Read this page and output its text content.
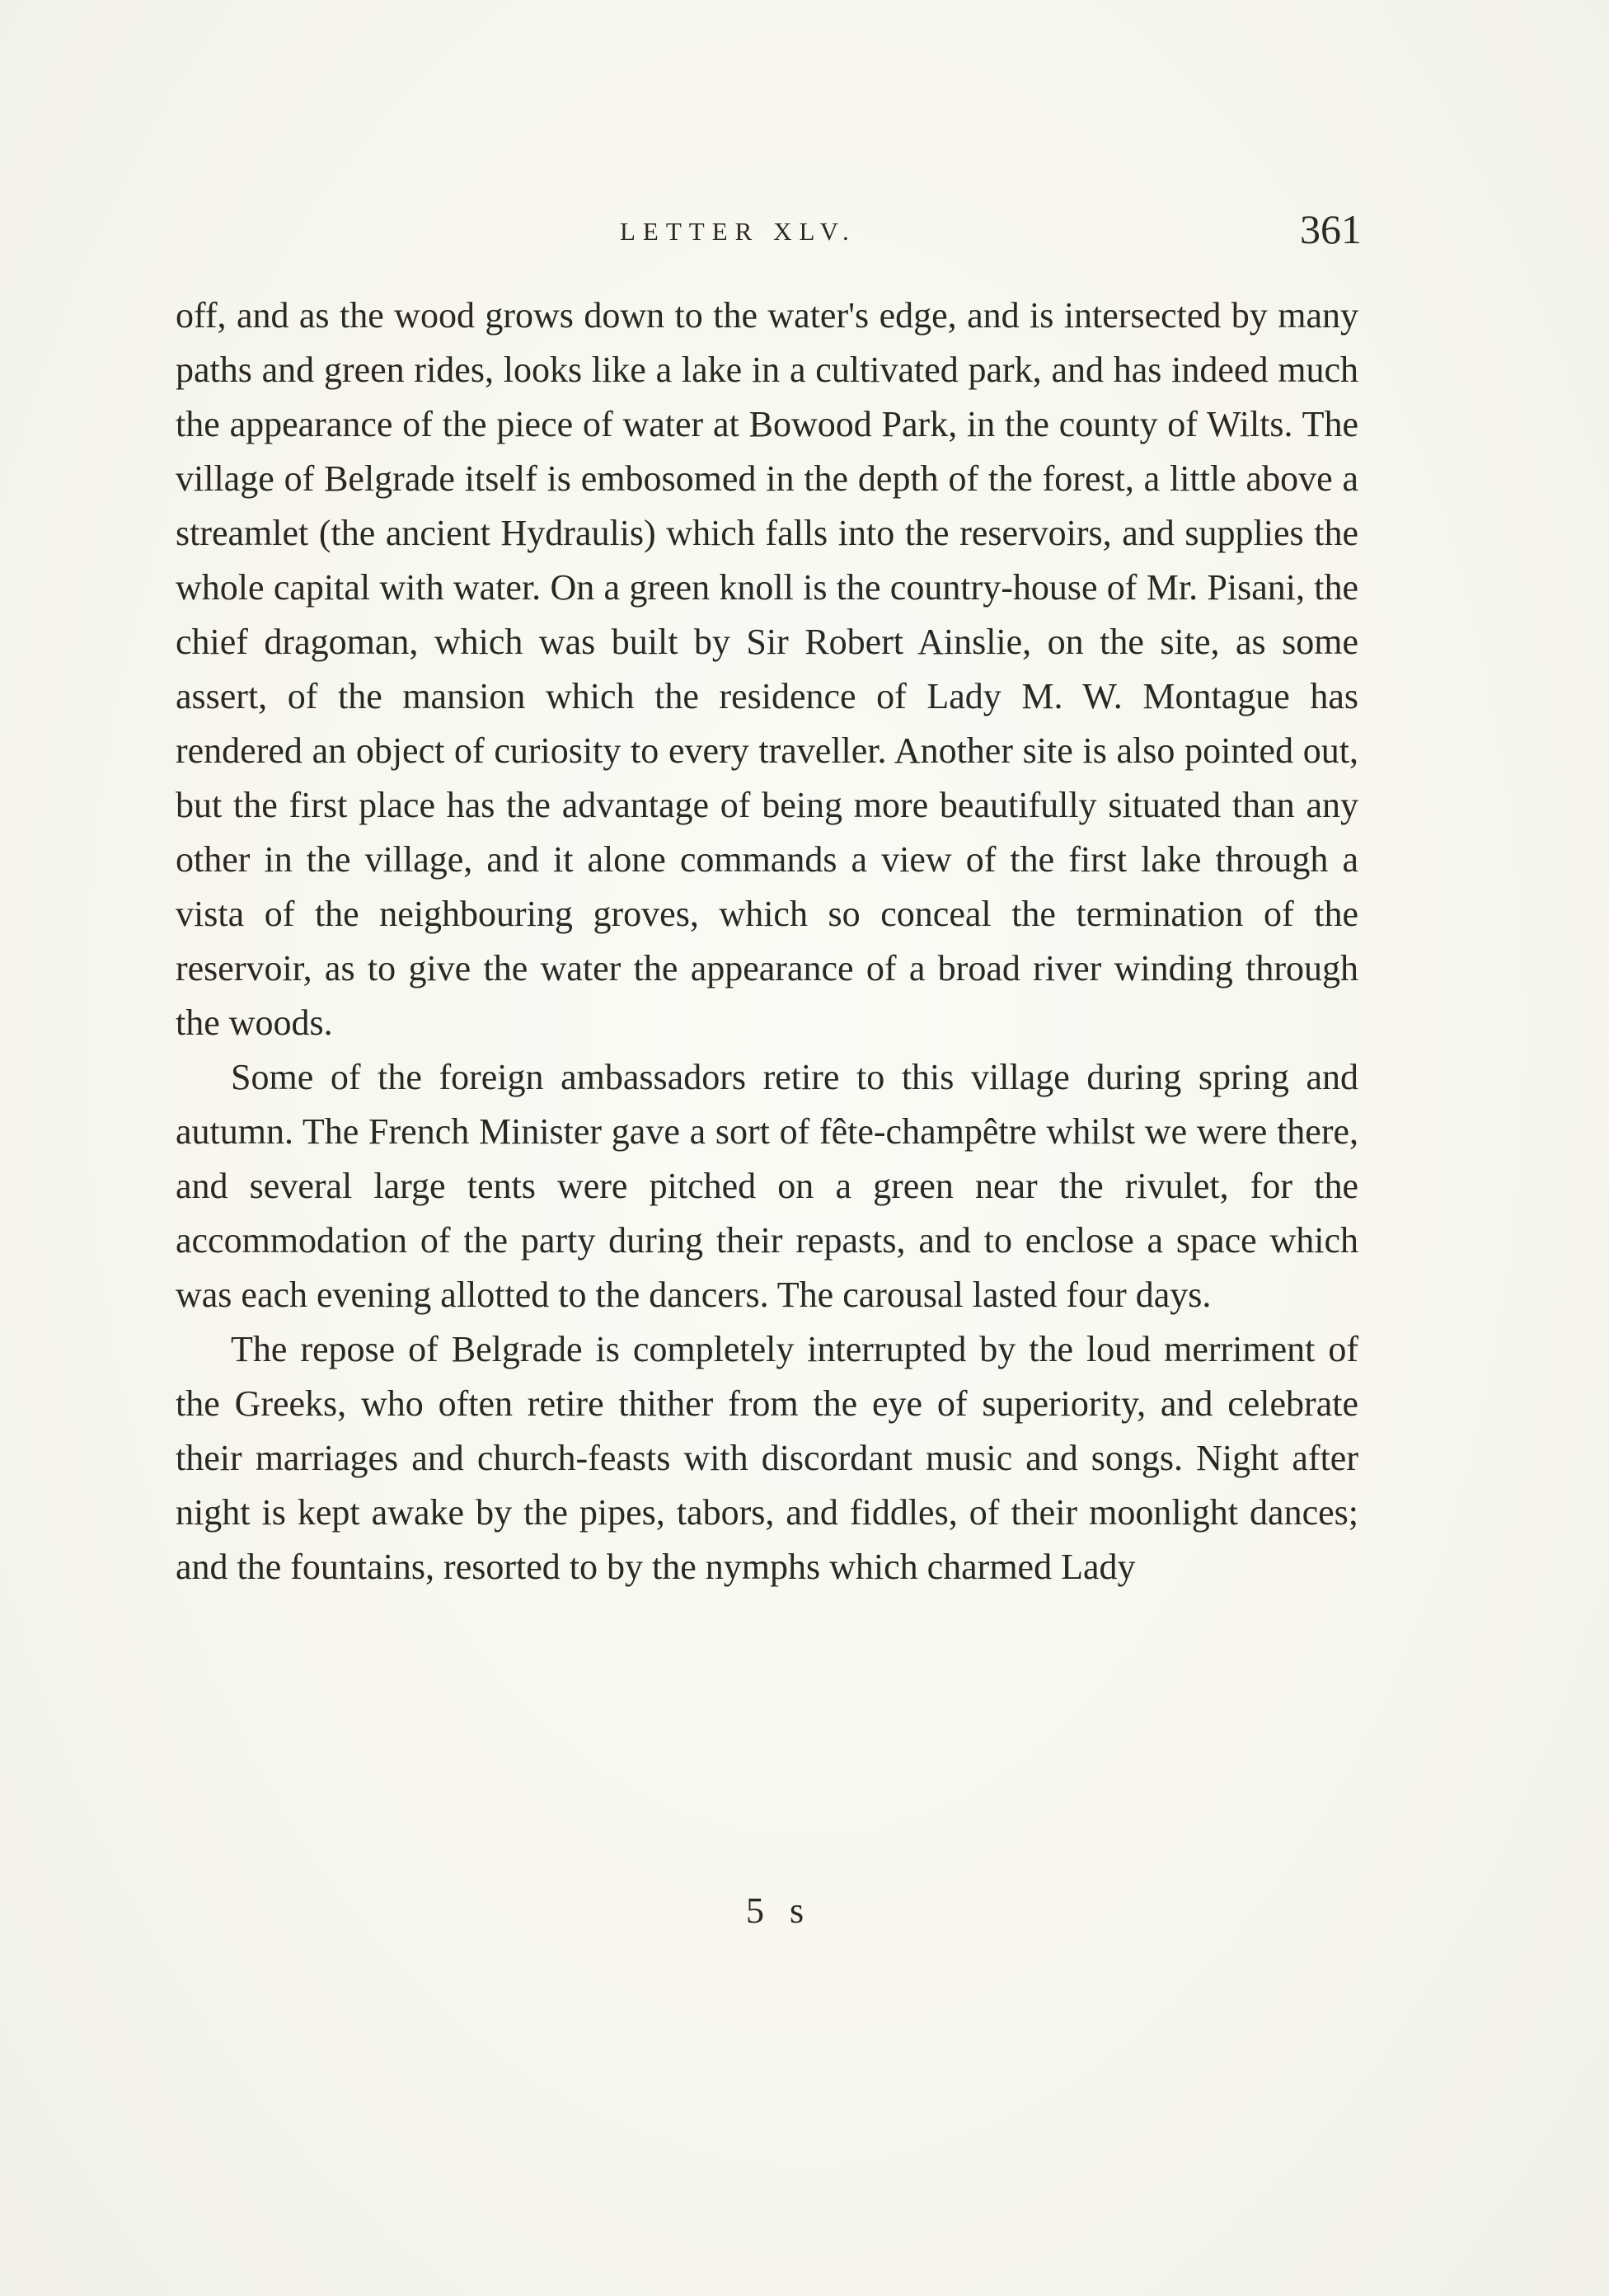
LETTER XLV.	361

off, and as the wood grows down to the water's edge, and is intersected by many paths and green rides, looks like a lake in a cultivated park, and has indeed much the appearance of the piece of water at Bowood Park, in the county of Wilts. The village of Belgrade itself is embosomed in the depth of the forest, a little above a streamlet (the ancient Hydraulis) which falls into the reservoirs, and supplies the whole capital with water. On a green knoll is the country-house of Mr. Pisani, the chief dragoman, which was built by Sir Robert Ainslie, on the site, as some assert, of the mansion which the residence of Lady M. W. Montague has rendered an object of curiosity to every traveller. Another site is also pointed out, but the first place has the advantage of being more beautifully situated than any other in the village, and it alone commands a view of the first lake through a vista of the neighbouring groves, which so conceal the termination of the reservoir, as to give the water the appearance of a broad river winding through the woods.

Some of the foreign ambassadors retire to this village during spring and autumn. The French Minister gave a sort of fête-champêtre whilst we were there, and several large tents were pitched on a green near the rivulet, for the accommodation of the party during their repasts, and to enclose a space which was each evening allotted to the dancers. The carousal lasted four days.

The repose of Belgrade is completely interrupted by the loud merriment of the Greeks, who often retire thither from the eye of superiority, and celebrate their marriages and church-feasts with discordant music and songs. Night after night is kept awake by the pipes, tabors, and fiddles, of their moonlight dances; and the fountains, resorted to by the nymphs which charmed Lady

5 s
